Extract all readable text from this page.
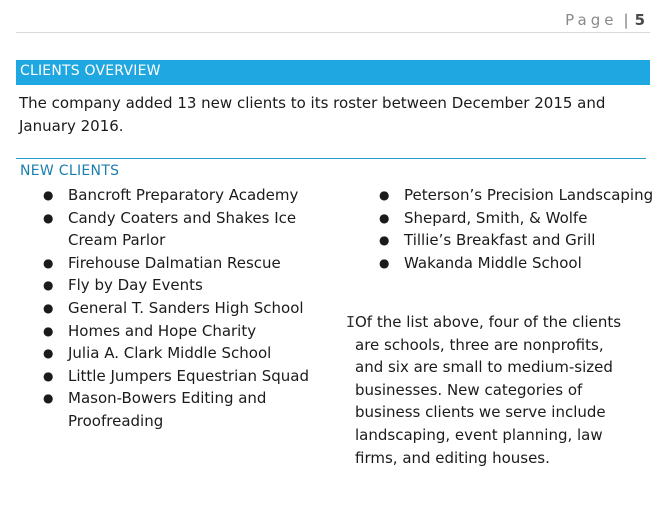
Page | 5
CLIENTS OVERVIEW

The company added 13 new clients to its roster between December 2015 and January 2016.

NEW CLIENTS
● Bancroft Preparatory Academy
● Candy Coaters and Shakes Ice Cream Parlor
● Firehouse Dalmatian Rescue
● Fly by Day Events
● General T. Sanders High School
● Homes and Hope Charity
● Julia A. Clark Middle School
● Little Jumpers Equestrian Squad
● Mason-Bowers Editing and Proofreading
● Peterson’s Precision Landscaping
● Shepard, Smith, & Wolfe
● Tillie’s Breakfast and Grill
● Wakanda Middle School
I Of the list above, four of the clients are schools, three are nonprofits, and six are small to medium-sized businesses. New categories of business clients we serve include landscaping, event planning, law firms, and editing houses.
